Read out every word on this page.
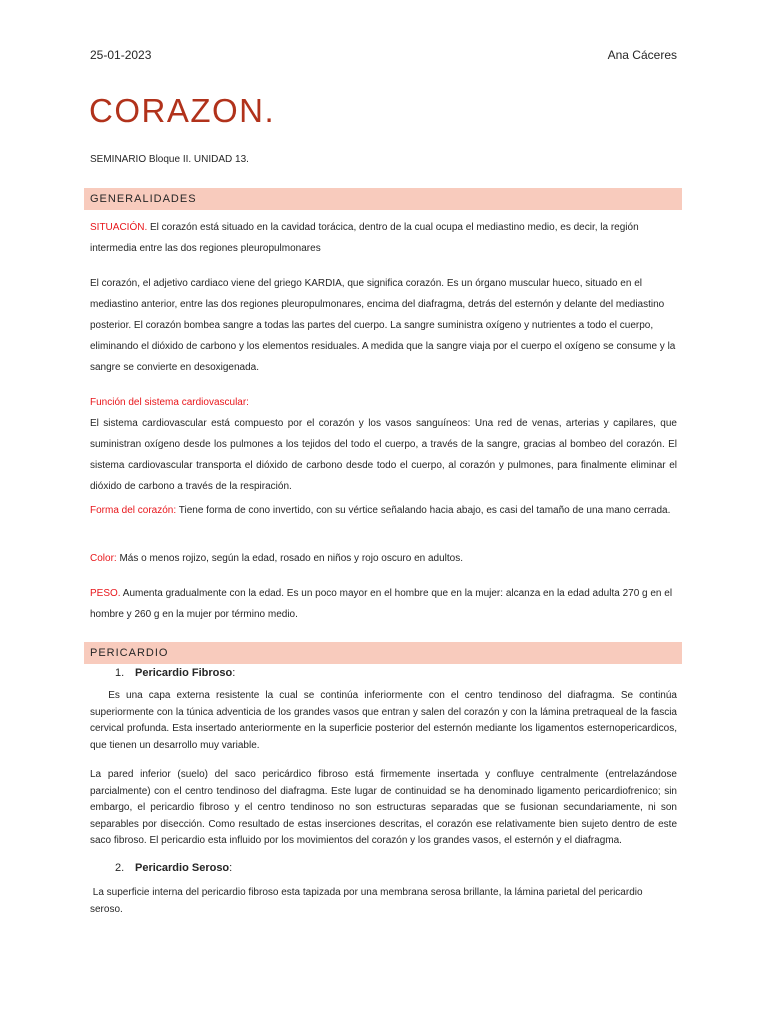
25-01-2023	Ana Cáceres
CORAZON.
SEMINARIO Bloque II. UNIDAD 13.
GENERALIDADES

SITUACIÓN. El corazón está situado en la cavidad torácica, dentro de la cual ocupa el mediastino medio, es decir, la región intermedia entre las dos regiones pleuropulmonares

El corazón, el adjetivo cardiaco viene del griego KARDIA, que significa corazón. Es un órgano muscular hueco, situado en el mediastino anterior, entre las dos regiones pleuropulmonares, encima del diafragma, detrás del esternón y delante del mediastino posterior. El corazón bombea sangre a todas las partes del cuerpo. La sangre suministra oxígeno y nutrientes a todo el cuerpo, eliminando el dióxido de carbono y los elementos residuales. A medida que la sangre viaja por el cuerpo el oxígeno se consume y la sangre se convierte en desoxigenada.

Función del sistema cardiovascular:

El sistema cardiovascular está compuesto por el corazón y los vasos sanguíneos: Una red de venas, arterias y capilares, que suministran oxígeno desde los pulmones a los tejidos del todo el cuerpo, a través de la sangre, gracias al bombeo del corazón. El sistema cardiovascular transporta el dióxido de carbono desde todo el cuerpo, al corazón y pulmones, para finalmente eliminar el dióxido de carbono a través de la respiración.

Forma del corazón: Tiene forma de cono invertido, con su vértice señalando hacia abajo, es casi del tamaño de una mano cerrada.

Color: Más o menos rojizo, según la edad, rosado en niños y rojo oscuro en adultos.

PESO. Aumenta gradualmente con la edad. Es un poco mayor en el hombre que en la mujer: alcanza en la edad adulta 270 g en el hombre y 260 g en la mujer por término medio.

PERICARDIO
1. Pericardio Fibroso:

Es una capa externa resistente la cual se continúa inferiormente con el centro tendinoso del diafragma. Se continúa superiormente con la túnica adventicia de los grandes vasos que entran y salen del corazón y con la lámina pretraqueal de la fascia cervical profunda. Esta insertado anteriormente en la superficie posterior del esternón mediante los ligamentos esternopericardicos, que tienen un desarrollo muy variable.

La pared inferior (suelo) del saco pericárdico fibroso está firmemente insertada y confluye centralmente (entrelazándose parcialmente) con el centro tendinoso del diafragma. Este lugar de continuidad se ha denominado ligamento pericardiofrenico; sin embargo, el pericardio fibroso y el centro tendinoso no son estructuras separadas que se fusionan secundariamente, ni son separables por disección. Como resultado de estas inserciones descritas, el corazón ese relativamente bien sujeto dentro de este saco fibroso. El pericardio esta influido por los movimientos del corazón y los grandes vasos, el esternón y el diafragma.

2. Pericardio Seroso:

La superficie interna del pericardio fibroso esta tapizada por una membrana serosa brillante, la lámina parietal del pericardio seroso.
